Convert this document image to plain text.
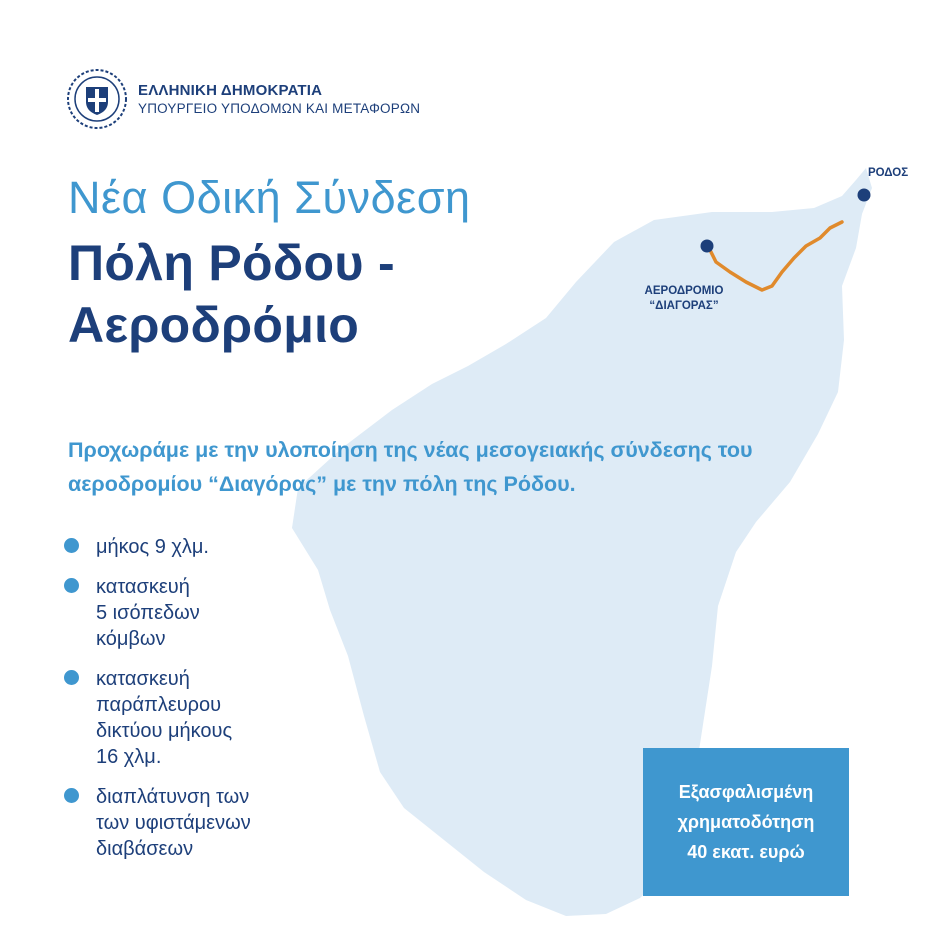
ΕΛΛΗΝΙΚΗ ΔΗΜΟΚΡΑΤΙΑ
ΥΠΟΥΡΓΕΙΟ ΥΠΟΔΟΜΩΝ ΚΑΙ ΜΕΤΑΦΟΡΩΝ
Νέα Οδική Σύνδεση
Πόλη Ρόδου -
Αεροδρόμιο
Προχωράμε με την υλοποίηση της νέας μεσογειακής σύνδεσης του αεροδρομίου “Διαγόρας” με την πόλη της Ρόδου.
μήκος 9 χλμ.
κατασκευή
5 ισόπεδων
κόμβων
κατασκευή
παράπλευρου
δικτύου μήκους
16 χλμ.
διαπλάτυνση των
των υφιστάμενων
διαβάσεων
ΡΟΔΟΣ
ΑΕΡΟΔΡΟΜΙΟ
“ΔΙΑΓΟΡΑΣ”
Εξασφαλισμένη
χρηματοδότηση
40 εκατ. ευρώ
